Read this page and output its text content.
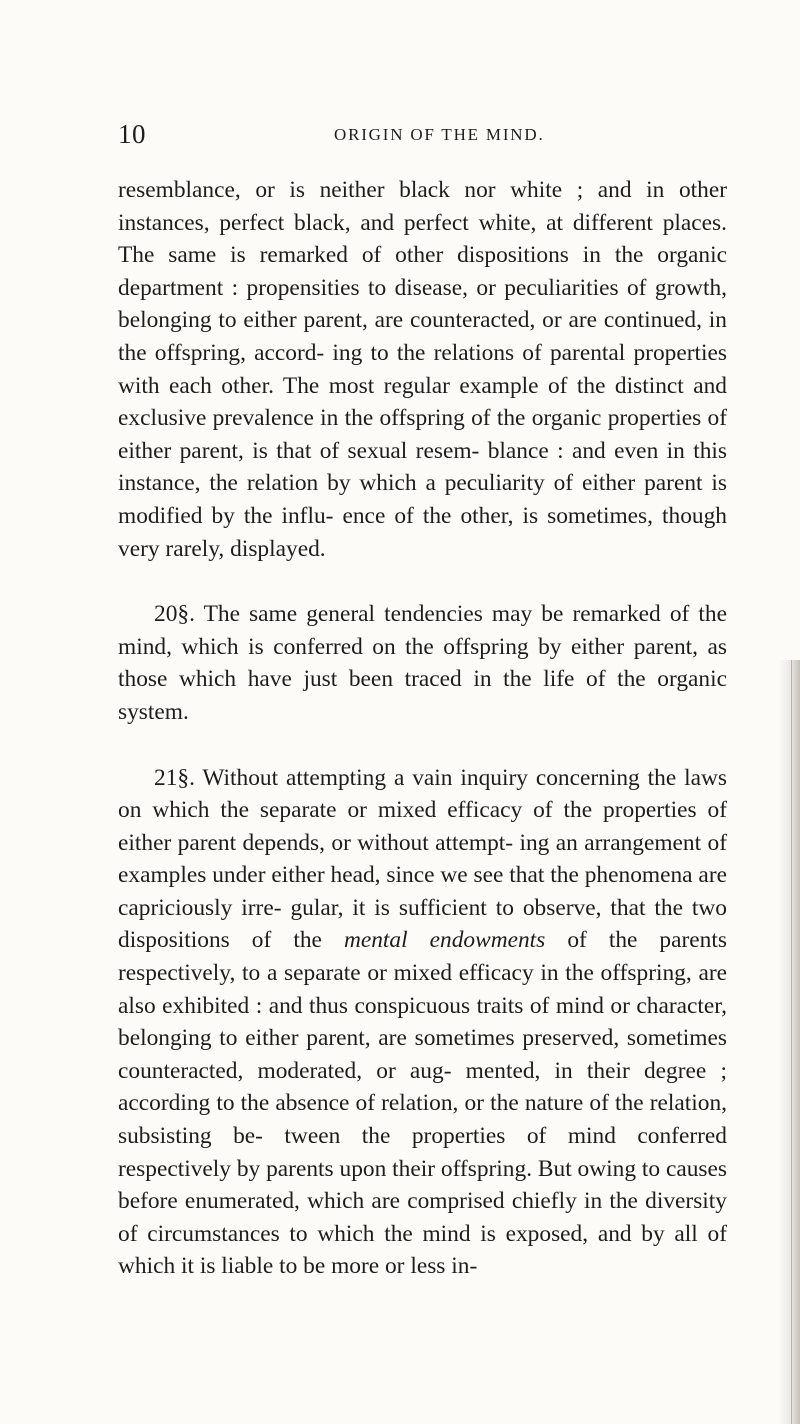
10	ORIGIN OF THE MIND.

resemblance, or is neither black nor white ; and in other instances, perfect black, and perfect white, at different places. The same is remarked of other dispositions in the organic department : propensities to disease, or peculiarities of growth, belonging to either parent, are counteracted, or are continued, in the offspring, accord- ing to the relations of parental properties with each other. The most regular example of the distinct and exclusive prevalence in the offspring of the organic properties of either parent, is that of sexual resem- blance : and even in this instance, the relation by which a peculiarity of either parent is modified by the influ- ence of the other, is sometimes, though very rarely, displayed.

20§. The same general tendencies may be remarked of the mind, which is conferred on the offspring by either parent, as those which have just been traced in the life of the organic system.

21§. Without attempting a vain inquiry concerning the laws on which the separate or mixed efficacy of the properties of either parent depends, or without attempt- ing an arrangement of examples under either head, since we see that the phenomena are capriciously irre- gular, it is sufficient to observe, that the two dispositions of the mental endowments of the parents respectively, to a separate or mixed efficacy in the offspring, are also exhibited : and thus conspicuous traits of mind or character, belonging to either parent, are sometimes preserved, sometimes counteracted, moderated, or aug- mented, in their degree ; according to the absence of relation, or the nature of the relation, subsisting be- tween the properties of mind conferred respectively by parents upon their offspring. But owing to causes before enumerated, which are comprised chiefly in the diversity of circumstances to which the mind is exposed, and by all of which it is liable to be more or less in-
